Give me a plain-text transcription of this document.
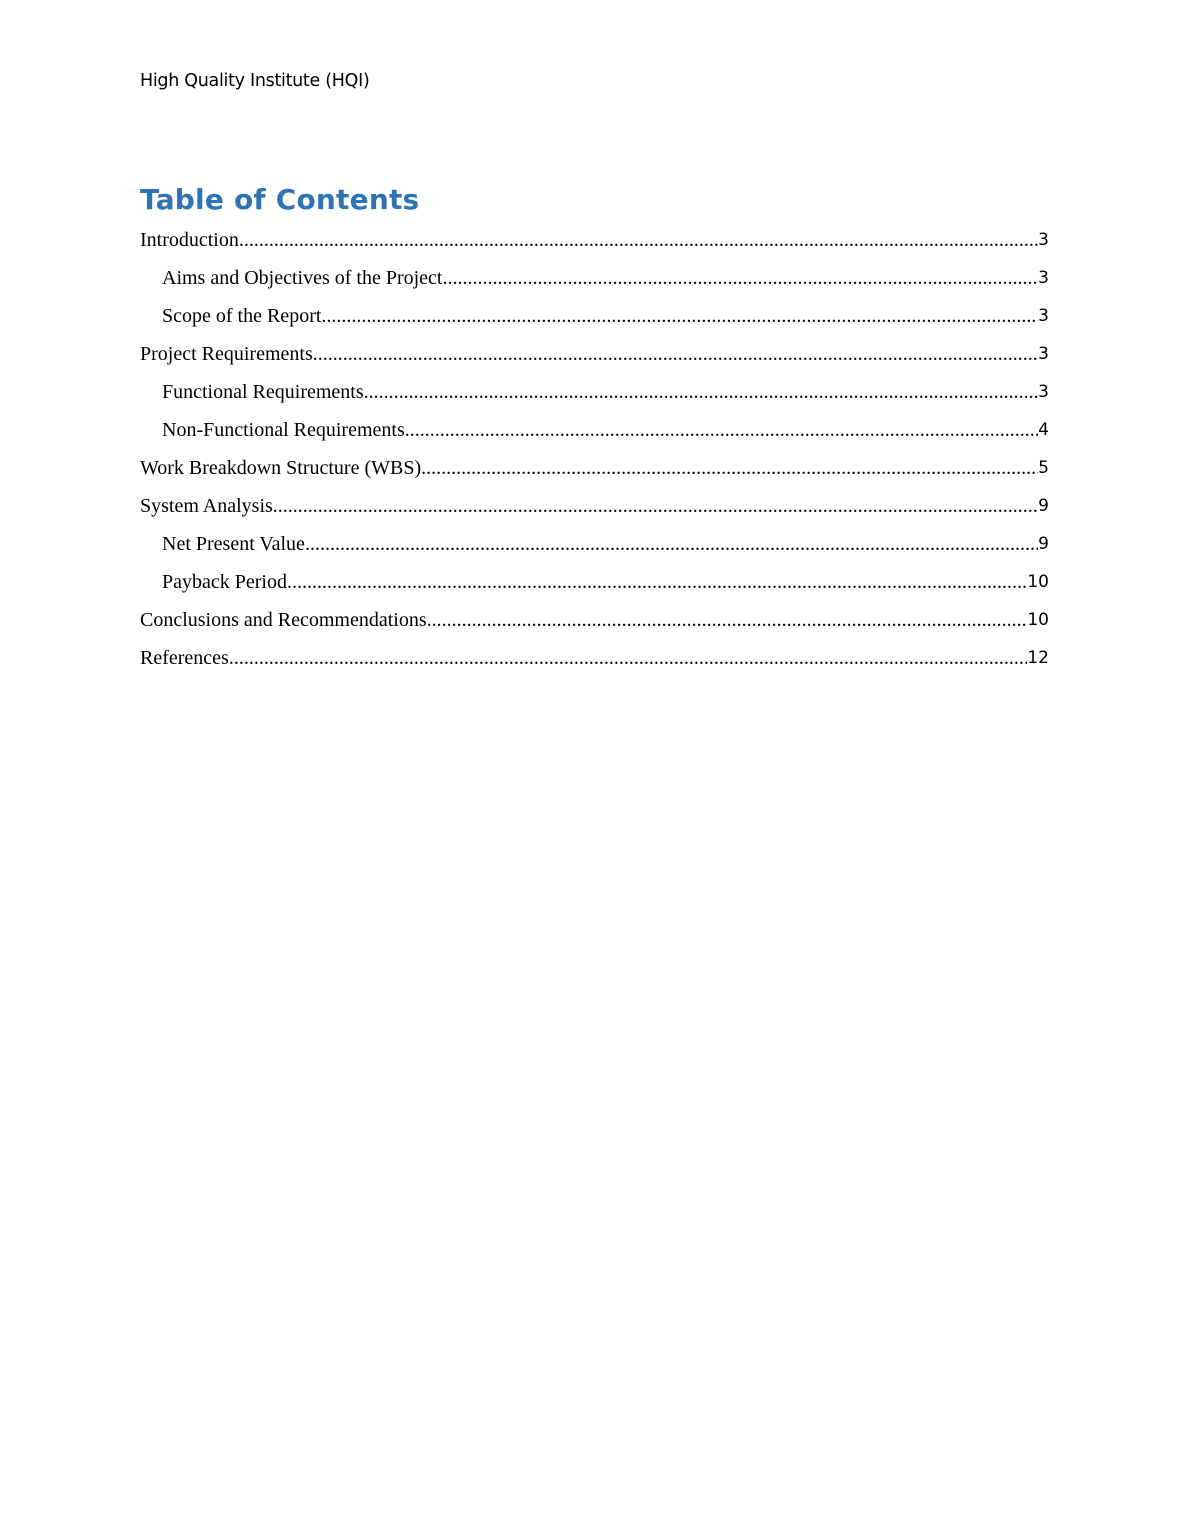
High Quality Institute (HQI)
Table of Contents
Introduction .....	3
Aims and Objectives of the Project .....	3
Scope of the Report .....	3
Project Requirements .....	3
Functional Requirements .....	3
Non-Functional Requirements .....	4
Work Breakdown Structure (WBS) .....	5
System Analysis .....	9
Net Present Value .....	9
Payback Period .....	10
Conclusions and Recommendations .....	10
References .....	12
